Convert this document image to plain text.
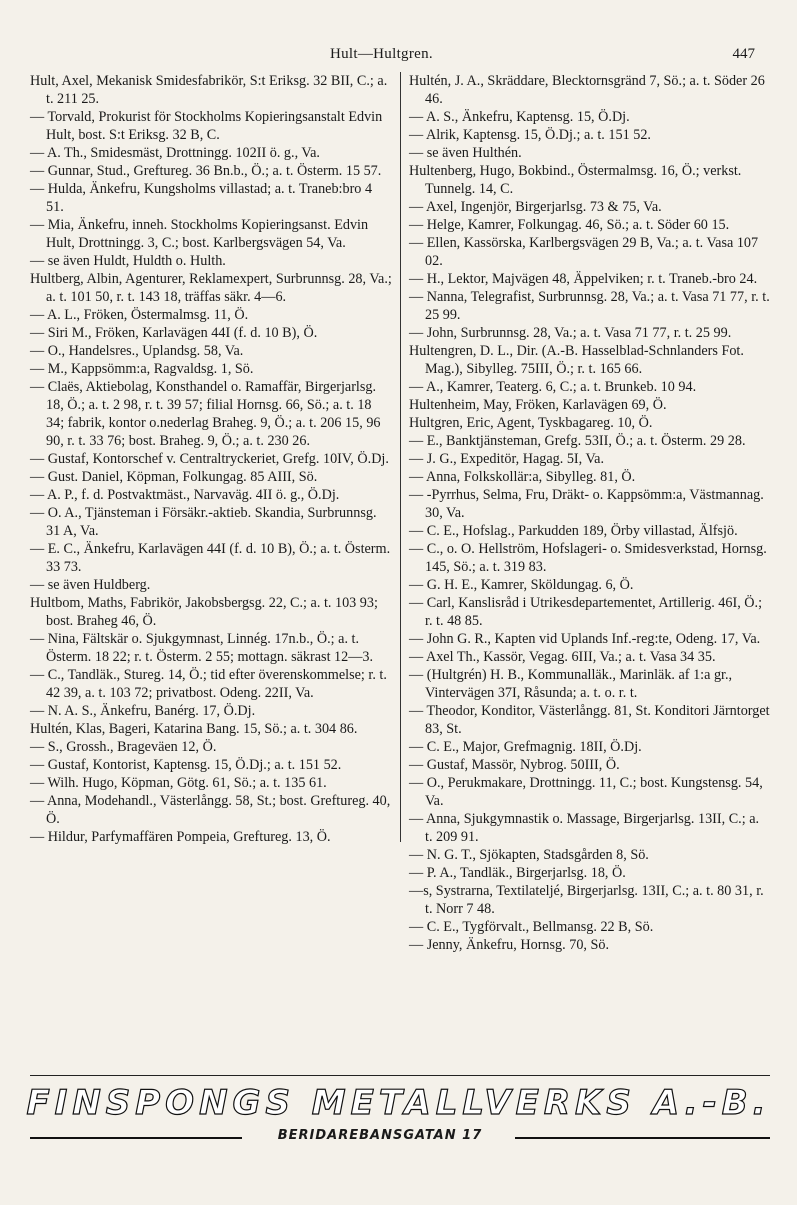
Hult—Hultgren.	447

Hult, Axel, Mekanisk Smidesfabrikör, S:t Eriksg. 32 BII, C.; a. t. 211 25.

— Torvald, Prokurist för Stockholms Kopieringsanstalt Edvin Hult, bost. S:t Eriksg. 32 B, C.

— A. Th., Smidesmäst, Drottningg. 102II ö. g., Va.

— Gunnar, Stud., Greftureg. 36 Bn.b., Ö.; a. t. Österm. 15 57.

— Hulda, Änkefru, Kungsholms villastad; a. t. Traneb:bro 4 51.

— Mia, Änkefru, inneh. Stockholms Kopieringsanst. Edvin Hult, Drottningg. 3, C.; bost. Karlbergsvägen 54, Va.

— se även Huldt, Huldth o. Hulth.

Hultberg, Albin, Agenturer, Reklamexpert, Surbrunnsg. 28, Va.; a. t. 101 50, r. t. 143 18, träffas säkr. 4—6.

— A. L., Fröken, Östermalmsg. 11, Ö.

— Siri M., Fröken, Karlavägen 44I (f. d. 10 B), Ö.

— O., Handelsres., Uplandsg. 58, Va.

— M., Kappsömm:a, Ragvaldsg. 1, Sö.

— Claës, Aktiebolag, Konsthandel o. Ramaffär, Birgerjarlsg. 18, Ö.; a. t. 2 98, r. t. 39 57; filial Hornsg. 66, Sö.; a. t. 18 34; fabrik, kontor o.nederlag Braheg. 9, Ö.; a. t. 206 15, 96 90, r. t. 33 76; bost. Braheg. 9, Ö.; a. t. 230 26.

— Gustaf, Kontorschef v. Centraltryckeriet, Grefg. 10IV, Ö.Dj.

— Gust. Daniel, Köpman, Folkungag. 85 AIII, Sö.

— A. P., f. d. Postvaktmäst., Narvaväg. 4II ö. g., Ö.Dj.

— O. A., Tjänsteman i Försäkr.-aktieb. Skandia, Surbrunnsg. 31 A, Va.

— E. C., Änkefru, Karlavägen 44I (f. d. 10 B), Ö.; a. t. Österm. 33 73.

— se även Huldberg.

Hultbom, Maths, Fabrikör, Jakobsbergsg. 22, C.; a. t. 103 93; bost. Braheg 46, Ö.

— Nina, Fältskär o. Sjukgymnast, Linnég. 17n.b., Ö.; a. t. Österm. 18 22; r. t. Österm. 2 55; mottagn. säkrast 12—3.

— C., Tandläk., Stureg. 14, Ö.; tid efter överenskommelse; r. t. 42 39, a. t. 103 72; privatbost. Odeng. 22II, Va.

— N. A. S., Änkefru, Banérg. 17, Ö.Dj.

Hultén, Klas, Bageri, Katarina Bang. 15, Sö.; a. t. 304 86.

— S., Grossh., Brageväen 12, Ö.

— Gustaf, Kontorist, Kaptensg. 15, Ö.Dj.; a. t. 151 52.

— Wilh. Hugo, Köpman, Götg. 61, Sö.; a. t. 135 61.

— Anna, Modehandl., Västerlångg. 58, St.; bost. Greftureg. 40, Ö.

— Hildur, Parfymaffären Pompeia, Greftureg. 13, Ö.

Hultén, J. A., Skräddare, Blecktornsgränd 7, Sö.; a. t. Söder 26 46.

— A. S., Änkefru, Kaptensg. 15, Ö.Dj.

— Alrik, Kaptensg. 15, Ö.Dj.; a. t. 151 52.

— se även Hulthén.

Hultenberg, Hugo, Bokbind., Östermalmsg. 16, Ö.; verkst. Tunnelg. 14, C.

— Axel, Ingenjör, Birgerjarlsg. 73 & 75, Va.

— Helge, Kamrer, Folkungag. 46, Sö.; a. t. Söder 60 15.

— Ellen, Kassörska, Karlbergsvägen 29 B, Va.; a. t. Vasa 107 02.

— H., Lektor, Majvägen 48, Äppelviken; r. t. Traneb.-bro 24.

— Nanna, Telegrafist, Surbrunnsg. 28, Va.; a. t. Vasa 71 77, r. t. 25 99.

— John, Surbrunnsg. 28, Va.; a. t. Vasa 71 77, r. t. 25 99.

Hultengren, D. L., Dir. (A.-B. Hasselblad-Schnlanders Fot. Mag.), Sibylleg. 75III, Ö.; r. t. 165 66.

— A., Kamrer, Teaterg. 6, C.; a. t. Brunkeb. 10 94.

Hultenheim, May, Fröken, Karlavägen 69, Ö.

Hultgren, Eric, Agent, Tyskbagareg. 10, Ö.

— E., Banktjänsteman, Grefg. 53II, Ö.; a. t. Österm. 29 28.

— J. G., Expeditör, Hagag. 5I, Va.

— Anna, Folkskollär:a, Sibylleg. 81, Ö.

— -Pyrrhus, Selma, Fru, Dräkt- o. Kappsömm:a, Västmannag. 30, Va.

— C. E., Hofslag., Parkudden 189, Örby villastad, Älfsjö.

— C., o. O. Hellström, Hofslageri- o. Smidesverkstad, Hornsg. 145, Sö.; a. t. 319 83.

— G. H. E., Kamrer, Sköldungag. 6, Ö.

— Carl, Kanslisråd i Utrikesdepartementet, Artillerig. 46I, Ö.; r. t. 48 85.

— John G. R., Kapten vid Uplands Inf.-reg:te, Odeng. 17, Va.

— Axel Th., Kassör, Vegag. 6III, Va.; a. t. Vasa 34 35.

— (Hultgrén) H. B., Kommunalläk., Marinläk. af 1:a gr., Vintervägen 37I, Råsunda; a. t. o. r. t.

— Theodor, Konditor, Västerlångg. 81, St. Konditori Järntorget 83, St.

— C. E., Major, Grefmagnig. 18II, Ö.Dj.

— Gustaf, Massör, Nybrog. 50III, Ö.

— O., Perukmakare, Drottningg. 11, C.; bost. Kungstensg. 54, Va.

— Anna, Sjukgymnastik o. Massage, Birgerjarlsg. 13II, C.; a. t. 209 91.

— N. G. T., Sjökapten, Stadsgården 8, Sö.

— P. A., Tandläk., Birgerjarlsg. 18, Ö.

—s, Systrarna, Textilateljé, Birgerjarlsg. 13II, C.; a. t. 80 31, r. t. Norr 7 48.

— C. E., Tygförvalt., Bellmansg. 22 B, Sö.

— Jenny, Änkefru, Hornsg. 70, Sö.

FINSPONGS METALLVERKS A.-B.
BERIDAREBANSGATAN 17
